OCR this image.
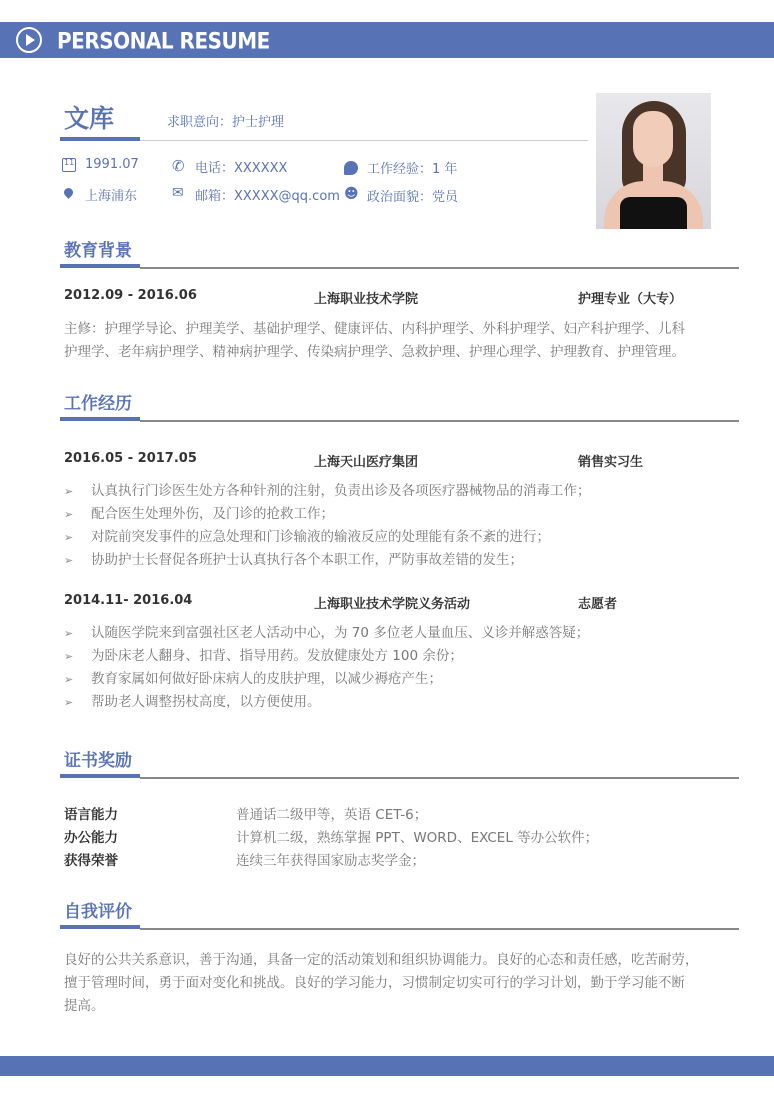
PERSONAL RESUME
文库	求职意向：护士护理
11
1991.07 ✆	电话：XXXXXX	工作经验：1 年
上海浦东 ✉	邮箱：XXXXX@qq.com ☻ 政治面貌：党员
教育背景
2012.09 - 2016.06	上海职业技术学院	护理专业（大专）
主修：护理学导论、护理美学、基础护理学、健康评估、内科护理学、外科护理学、妇产科护理学、儿科
护理学、老年病护理学、精神病护理学、传染病护理学、急救护理、护理心理学、护理教育、护理管理。
工作经历
2016.05 - 2017.05	上海天山医疗集团	销售实习生
➢ 认真执行门诊医生处方各种针剂的注射，负责出诊及各项医疗器械物品的消毒工作；
➢ 配合医生处理外伤，及门诊的抢救工作；
➢ 对院前突发事件的应急处理和门诊输液的输液反应的处理能有条不紊的进行；
➢ 协助护士长督促各班护士认真执行各个本职工作，严防事故差错的发生；
2014.11- 2016.04	上海职业技术学院义务活动	志愿者
➢ 认随医学院来到富强社区老人活动中心，为 70 多位老人量血压、义诊并解惑答疑；
➢ 为卧床老人翻身、扣背、指导用药。发放健康处方 100 余份；
➢ 教育家属如何做好卧床病人的皮肤护理，以减少褥疮产生；
➢ 帮助老人调整拐杖高度，以方便使用。
证书奖励
语言能力	普通话二级甲等，英语 CET-6；
办公能力	计算机二级，熟练掌握 PPT、WORD、EXCEL 等办公软件；
获得荣誉	连续三年获得国家励志奖学金；
自我评价
良好的公共关系意识，善于沟通，具备一定的活动策划和组织协调能力。良好的心态和责任感，吃苦耐劳，
擅于管理时间，勇于面对变化和挑战。良好的学习能力，习惯制定切实可行的学习计划，勤于学习能不断
提高。
